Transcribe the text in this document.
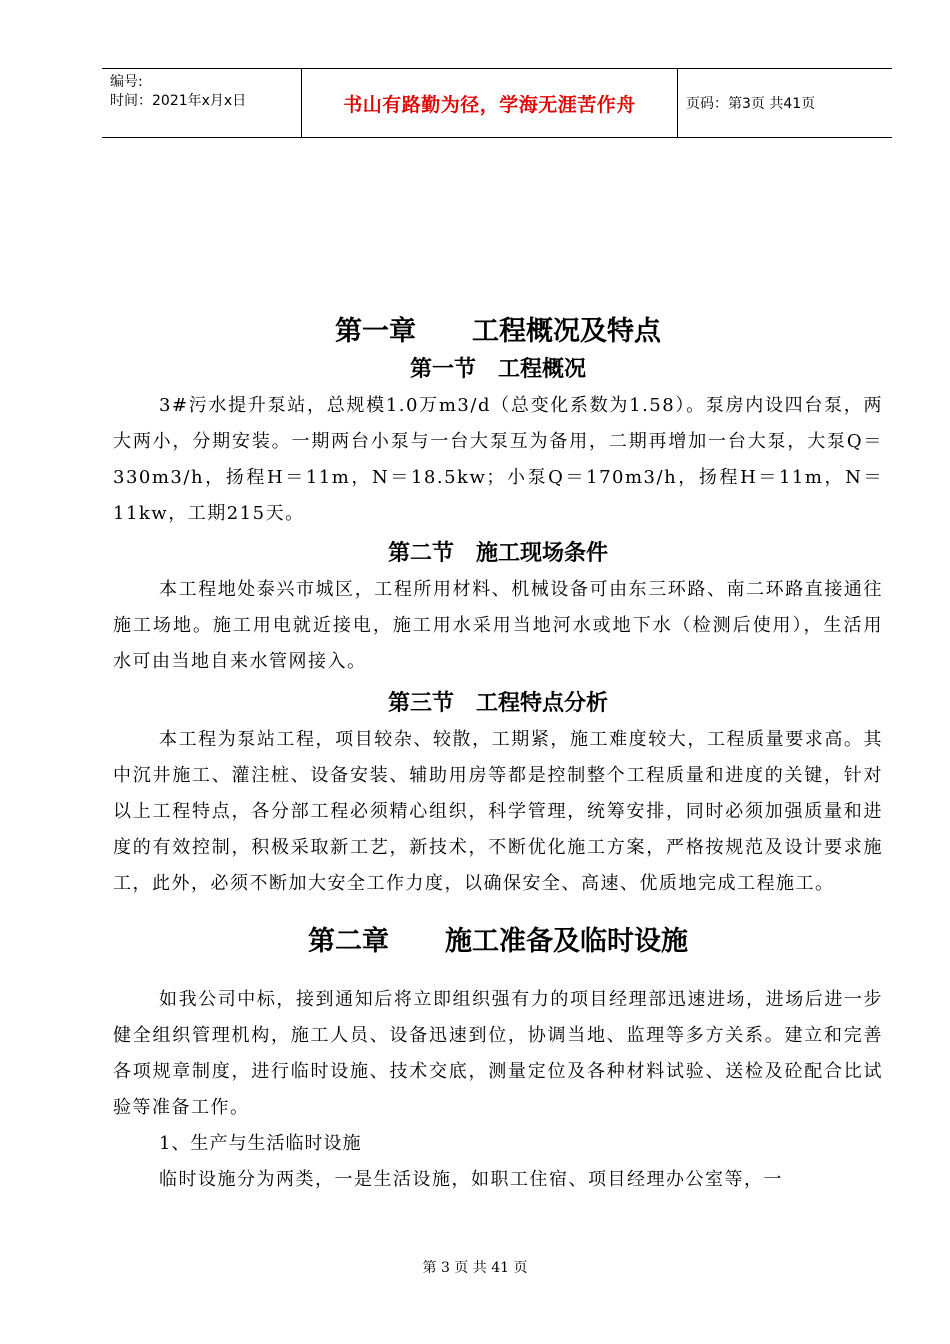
编号:
时间：2021年x月x日	书山有路勤为径，学海无涯苦作舟	页码：第3页 共41页
第一章 工程概况及特点
第一节 工程概况

3#污水提升泵站，总规模1.0万m3/d（总变化系数为1.58）。泵房内设四台泵，两大两小，分期安装。一期两台小泵与一台大泵互为备用，二期再增加一台大泵，大泵Q＝330m3/h，扬程H＝11m，N＝18.5kw；小泵Q＝170m3/h，扬程H＝11m，N＝11kw，工期215天。

第二节 施工现场条件

本工程地处泰兴市城区，工程所用材料、机械设备可由东三环路、南二环路直接通往施工场地。施工用电就近接电，施工用水采用当地河水或地下水（检测后使用），生活用水可由当地自来水管网接入。

第三节 工程特点分析

本工程为泵站工程，项目较杂、较散，工期紧，施工难度较大，工程质量要求高。其中沉井施工、灌注桩、设备安装、辅助用房等都是控制整个工程质量和进度的关键，针对以上工程特点，各分部工程必须精心组织，科学管理，统筹安排，同时必须加强质量和进度的有效控制，积极采取新工艺，新技术，不断优化施工方案，严格按规范及设计要求施工，此外，必须不断加大安全工作力度，以确保安全、高速、优质地完成工程施工。

第二章 施工准备及临时设施

如我公司中标，接到通知后将立即组织强有力的项目经理部迅速进场，进场后进一步健全组织管理机构，施工人员、设备迅速到位，协调当地、监理等多方关系。建立和完善各项规章制度，进行临时设施、技术交底，测量定位及各种材料试验、送检及砼配合比试验等准备工作。

1、生产与生活临时设施

临时设施分为两类，一是生活设施，如职工住宿、项目经理办公室等，一

第 3 页 共 41 页
